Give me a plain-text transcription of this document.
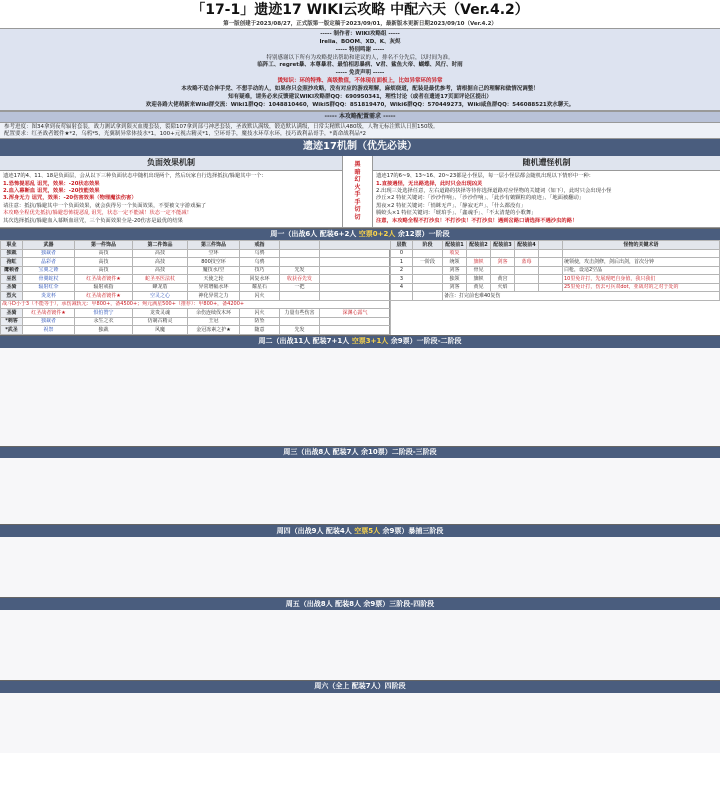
「17-1」遗迹17 WIKI云攻略 中配六天（Ver.4.2）
第一版创建于2023/08/27，正式版第一版定稿于2023/09/01，最新版本更新日期2023/09/10（Ver.4.2）
----- 制作者：WIKI攻略组 -----
Irelia、BOOM、XD、K、灰烬
----- 特别鸣谢 -----
特别感谢以下所有为攻略提出帮助和建议的人，排名不分先后，以时间为准。
临阵工、regret暴、本尊暴君、最怕相思暴病、V君、鲨鱼大帝、蝴蝶、风行、时雨
----- 免责声明 -----
烫知识：环的特殊、高级数值，不体现在面板上，比如异常环的异常
本攻略不适合伸手党、不想手动的人，如果你只会照抄攻略，没有对应的游戏理解，麻烦绕道，配装是最优参考，请根据自己的理解和做情况调整！
知有疑难，请务必来反馈建议WIKI攻略群QQ：690950341，理性讨论（或者在遗迹17页面评论区提出）
欢迎各路大佬萌新来Wiki群交流：Wiki1群QQ：1048810460，Wiki5群QQ：851819470，Wiki6群QQ：570449273，Wiki咸鱼群QQ：546088521欢水聊天。
----- 本攻略配置需求 -----
参考进度：图34拿到夜莺辐射套装，战力测试拿到限灭血魔套装，裂隙107拿到部弓神恶套装，圣战默认满级，锻造默认满级，日常尖精默认480级，人物无标注默认日照150级。
配置要求：红圣战者镀件★*2，乌鸦*5，光翼制异常体技水*1，100+元视古精灵*1，空环哥手，魔技水环草水环，技巧战利品哥手，*离命战利品*2
遗迹17机制（优先必读）
负面效果机制
遗迹17的4、11、18是负面层，会从以下三种负面状态中随机出现两个，然后玩家自行选择抵抗/躲避其中一个：
1.恐怖提恶乱 诅咒，效果：-20状态效果
2.血入幕断血 诅咒，效果：-20技能效果
3.浑身无力 诅咒，效果：-20伤害效果（物理魔法伤害）
请注意：抵抗/躲避其中一个负面效果，就会获得另一个负面效果，不要被文字游戏骗了
本攻略全程优先抵抗/躲避恐怖提恶乱 诅咒，状态一定不能减！状态一定不能减！
其次选择抵抗/躲避血入幕断血诅咒，三个负面效果全是-20伤害是最优的结果
黑
暗
幻
火
手
手
切
切
随机遭怪机制
遗迹17的6~9、13~16、20~23都是小怪层，每一层小怪层都会随机出现以下情形中一种：
1.直接遇怪，无出路选择，此时只会出现凶灵
2.出现三处选择任意，左右道路的抉择等待你选择道路对应怪物的关键词（如下），此时只会出现小怪
沙丘×2 特征关键词：「沙沙作响」、「沙沙作响」、「此沙有皴颗粒的痕迹」、「地面被翻动」
黑夜×2 特征关键词：「悄眯无声」、「静寂无声」、「什么都没有」
腾蛟头×1 特征关键词：「琥珀手」、「鑫魂手」、「不太清楚的小歌舞」
注意，本攻略全程不打沙虫！不打沙虫！不打沙虫！遇到岔路口请选择不遇沙虫的路！
周一（出战6人 配装6+2人 空票0+2人 余12票）一阶段
职业	武器	第一件饰品	第二件饰品	第三件饰品	戒指		
独裁	独裁者	高技	高技	空环	乌鸦		
孢虹	晶彩者	高技	高技	800技空环	乌鸦		
鹰顿者	宝翼之锤	高技	高技	魔技水/空	技巧	先发	
巫医	骨翼蛇杖	红圣战者镀件★	蛇圣巫医法杖	天使之轮	回复水环	收获吞先发	
圣骑	辐射红伞	辐射戒指	蜂龙盾	异常增幅水环	耀星石	一把	
烈火	炎龙杯	红圣战者镀件★	空灵之心	神化异常之力	闪火		
战斗D小于3（不能等于），承伤减轨元：甲800+，备4500+；殉元满星500+（推荐）：甲800+，备4200+							
圣骑	红圣战者镀件★	惧怕赞宁	龙贵灵魂	余伤连续伐木环	闪火	力量有些伤害	深渊心露气
*刺客	独裁者	永生之衣	仿制古精灵	王冠	防坠		
*武圣	祝祭	独裁	风魔	金冠冻素之护★	随意	先发	
层数	阶段	配装前1	配装前2	配装前3	配装前4		怪物的关键术语
0		收复					
1	一阶段	统领	旗帜	剑客	蓝莓		统领使，攻击剑修，剑后出剑，首次分钟
2		剑客	骨见				白枪，设适2空晶
3		独领	旗帜	黄宫			10里免许打，先展现吧自身值，我只我们
4		剑客	黄见	火焰			25里免计打，伤去可兵双dot，亚战对的之对于处的
		备注：打完前也难40复伤					
周二（出战11人 配装7+1人 空票3+1人 余9票）一阶段-二阶段
周三（出战8人 配装7人 余10票）二阶段-三阶段
周四（出战9人 配装4人 空票5人 余9票）暴捕三阶段
周五（出战8人 配装8人 余9票）三阶段-四阶段
周六（全上 配装7人）四阶段
